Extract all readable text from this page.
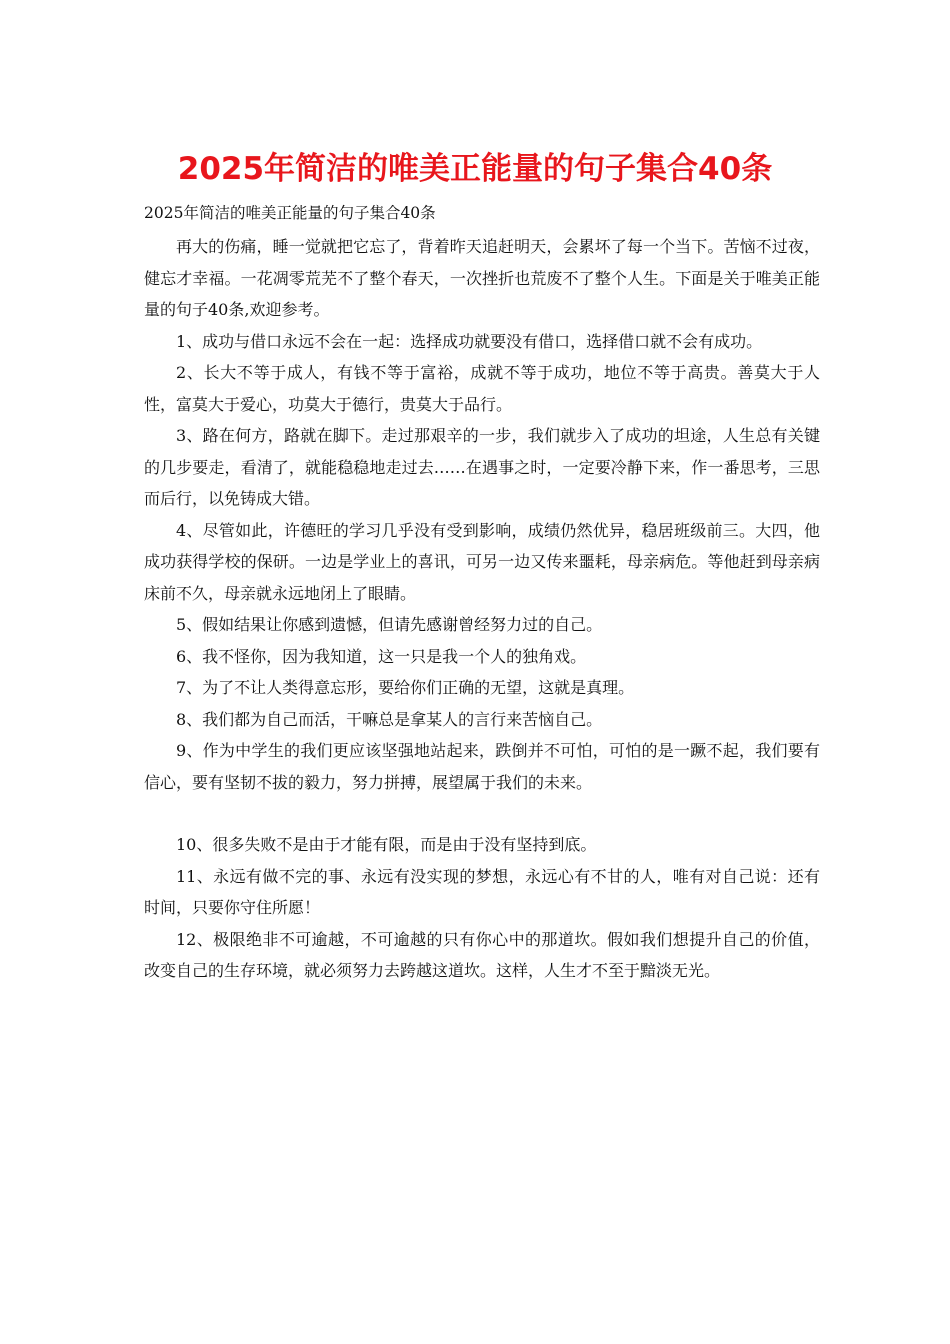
2025年简洁的唯美正能量的句子集合40条
2025年简洁的唯美正能量的句子集合40条

再大的伤痛，睡一觉就把它忘了，背着昨天追赶明天，会累坏了每一个当下。苦恼不过夜，健忘才幸福。一花凋零荒芜不了整个春天，一次挫折也荒废不了整个人生。下面是关于唯美正能量的句子40条,欢迎参考。

1、成功与借口永远不会在一起：选择成功就要没有借口，选择借口就不会有成功。

2、长大不等于成人，有钱不等于富裕，成就不等于成功，地位不等于高贵。善莫大于人性，富莫大于爱心，功莫大于德行，贵莫大于品行。

3、路在何方，路就在脚下。走过那艰辛的一步，我们就步入了成功的坦途，人生总有关键的几步要走，看清了，就能稳稳地走过去……在遇事之时，一定要冷静下来，作一番思考，三思而后行，以免铸成大错。

4、尽管如此，许德旺的学习几乎没有受到影响，成绩仍然优异，稳居班级前三。大四，他成功获得学校的保研。一边是学业上的喜讯，可另一边又传来噩耗，母亲病危。等他赶到母亲病床前不久，母亲就永远地闭上了眼睛。

5、假如结果让你感到遗憾，但请先感谢曾经努力过的自己。

6、我不怪你，因为我知道，这一只是我一个人的独角戏。

7、为了不让人类得意忘形，要给你们正确的无望，这就是真理。

8、我们都为自己而活，干嘛总是拿某人的言行来苦恼自己。

9、作为中学生的我们更应该坚强地站起来，跌倒并不可怕，可怕的是一蹶不起，我们要有信心，要有坚韧不拔的毅力，努力拼搏，展望属于我们的未来。

10、很多失败不是由于才能有限，而是由于没有坚持到底。

11、永远有做不完的事、永远有没实现的梦想，永远心有不甘的人，唯有对自己说：还有时间，只要你守住所愿！

12、极限绝非不可逾越，不可逾越的只有你心中的那道坎。假如我们想提升自己的价值，改变自己的生存环境，就必须努力去跨越这道坎。这样，人生才不至于黯淡无光。
